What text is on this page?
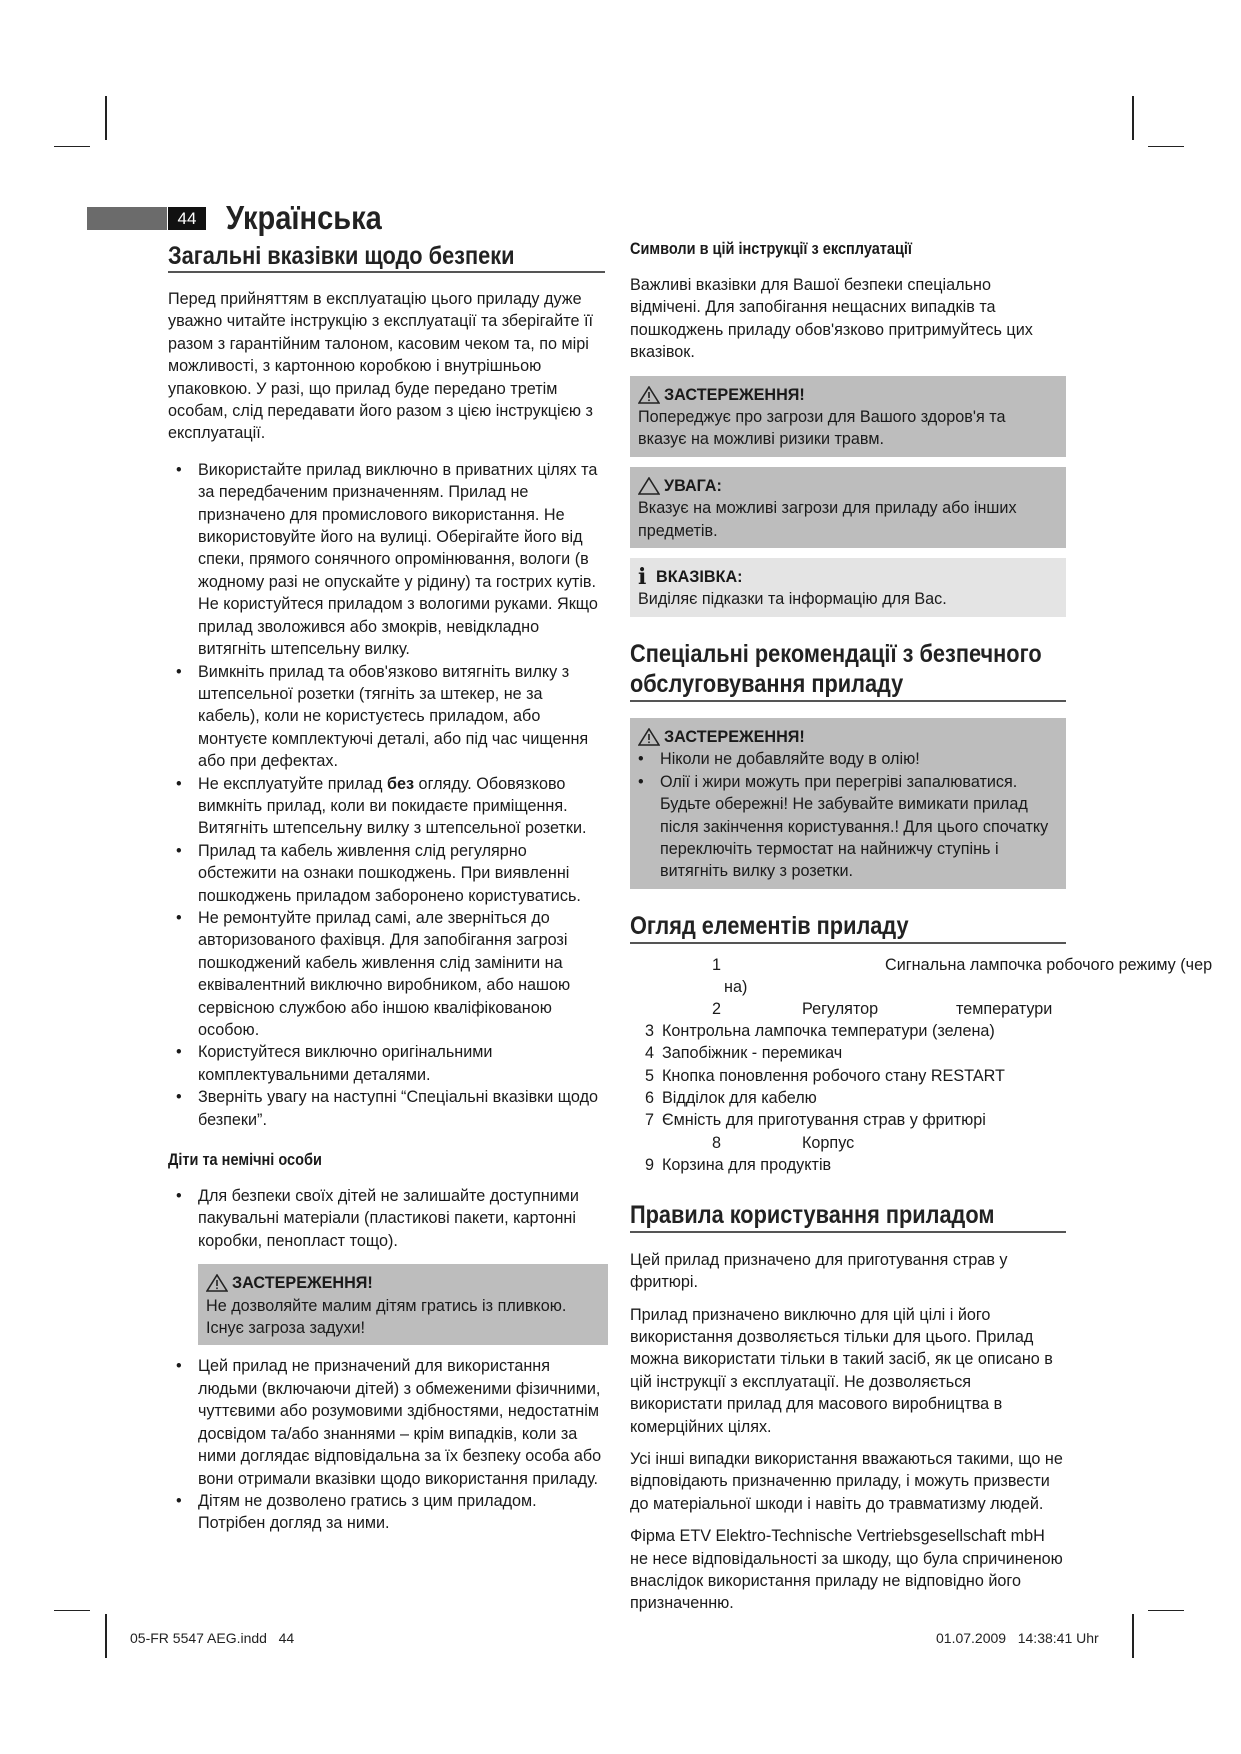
44 Українська
Загальні вказівки щодо безпеки

Перед прийняттям в експлуатацію цього приладу дуже уважно читайте інструкцію з експлуатації та зберігайте її разом з гарантійним талоном, касовим чеком та, по мірі можливості, з картонною коробкою і внутрішньою упаковкою. У разі, що прилад буде передано третім особам, слід передавати його разом з цією інструкцією з експлуатації.

• Використайте прилад виключно в приватних цілях та за передбаченим призначенням. Прилад не призначено для промислового використання. Не використовуйте його на вулиці. Оберігайте його від спеки, прямого сонячного опромінювання, вологи (в жодному разі не опускайте у рідину) та гострих кутів. Не користуйтеся приладом з вологими руками. Якщо прилад зволожився або змокрів, невідкладно витягніть штепсельну вилку.
• Вимкніть прилад та обов'язково витягніть вилку з штепсельної розетки (тягніть за штекер, не за кабель), коли не користуєтесь приладом, або монтуєте комплектуючі деталі, або під час чищення або при дефектах.
• Не експлуатуйте прилад без огляду. Обовязково вимкніть прилад, коли ви покидаєте приміщення. Витягніть штепсельну вилку з штепсельної розетки.
• Прилад та кабель живлення слід регулярно обстежити на ознаки пошкоджень. При виявленні пошкоджень приладом заборонено користуватись.
• Не ремонтуйте прилад самі, але зверніться до авторизованого фахівця. Для запобігання загрозі пошкоджений кабель живлення слід замінити на еквівалентний виключно виробником, або нашою сервісною службою або іншою кваліфікованою особою.
• Користуйтеся виключно оригінальними комплектувальними деталями.
• Зверніть увагу на наступні “Спеціальні вказівки щодо безпеки”.
Діти та немічні особи
• Для безпеки своїх дітей не залишайте доступними пакувальні матеріали (пластикові пакети, картонні коробки, пенопласт тощо).
ЗАСТЕРЕЖЕННЯ!

Не дозволяйте малим дітям гратись із пливкою. Існує загроза задухи!

• Цей прилад не призначений для використання людьми (включаючи дітей) з обмеженими фізичними, чуттєвими або розумовими здібностями, недостатнім досвідом та/або знаннями – крім випадків, коли за ними доглядає відповідальна за їх безпеку особа або вони отримали вказівки щодо використання приладу.
• Дітям не дозволено гратись з цим приладом. Потрібен догляд за ними.
Символи в цій інструкції з експлуатації

Важливі вказівки для Вашої безпеки спеціально відмічені. Для запобігання нещасних випадків та пошкоджень приладу обов'язково притримуйтесь цих вказівок.

ЗАСТЕРЕЖЕННЯ!

Попереджує про загрози для Вашого здоров'я та вказує на можливі ризики травм.

УВАГА:

Вказує на можливі загрози для приладу або інших предметів.

i ВКАЗІВКА:

Виділяє підказки та інформацію для Вас.

Спеціальні рекомендації з безпечного
обслуговування приладу
ЗАСТЕРЕЖЕННЯ!
• Ніколи не добавляйте воду в олію!
• Олії і жири можуть при перегріві запалюватися. Будьте обережні! Не забувайте вимикати прилад після закінчення користування.! Для цього спочатку переключіть термостат на найнижчу ступінь і витягніть вилку з розетки.
Огляд елементів приладу
1	Сигнальна лампочка робочого режиму (чер
на)
2	Регулятор	температури
3 Контрольна лампочка температури (зелена)
4 Запобіжник - перемикач
5 Кнопка поновлення робочого стану RESTART
6 Відділок для кабелю
7 Ємність для приготування страв у фритюрі
8	Корпус
9 Корзина для продуктів
Правила користування приладом

Цей прилад призначено для приготування страв у фритюрі.

Прилад призначено виключно для цій цілі і його використання дозволяється тільки для цього. Прилад можна використати тільки в такий засіб, як це описано в цій інструкції з експлуатації. Не дозволяється використати прилад для масового виробництва в комерційних цілях.

Усі інші випадки використання вважаються такими, що не відповідають призначенню приладу, і можуть призвести до матеріальної шкоди і навіть до травматизму людей.

Фірма ETV Elektro-Technische Vertriebsgesellschaft mbH не несе відповідальності за шкоду, що була спричиненою внаслідок використання приладу не відповідно його призначенню.

05-FR 5547 AEG.indd   44	01.07.2009   14:38:41 Uhr
